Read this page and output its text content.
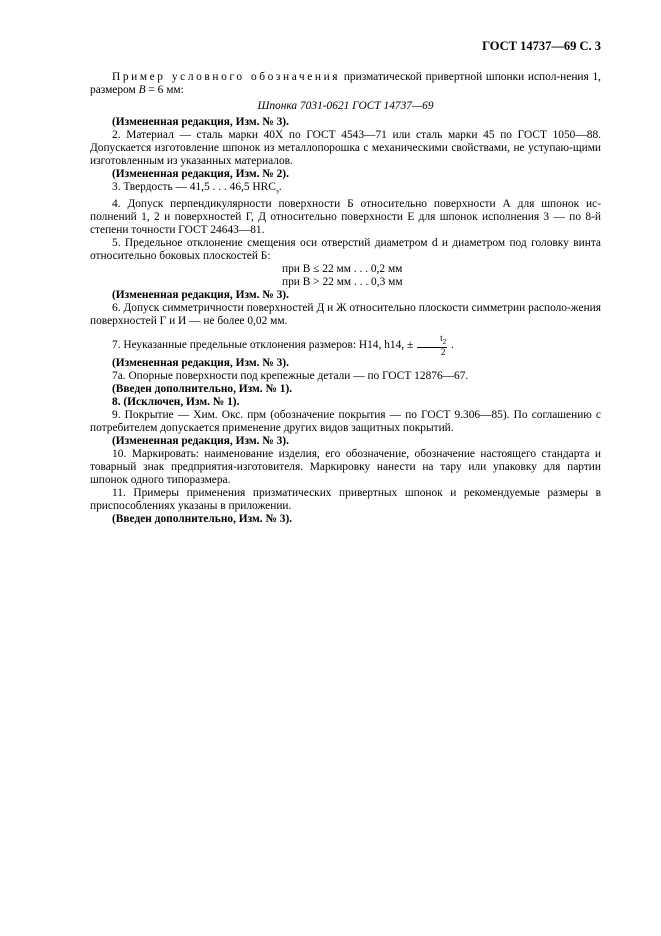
ГОСТ 14737—69 С. 3

Пример условного обозначения призматической привертной шпонки испол-нения 1, размером В = 6 мм:

Шпонка 7031-0621 ГОСТ 14737—69

(Измененная редакция, Изм. № 3).

2. Материал — сталь марки 40Х по ГОСТ 4543—71 или сталь марки 45 по ГОСТ 1050—88. Допускается изготовление шпонок из металлопорошка с механическими свойствами, не уступаю-щими изготовленным из указанных материалов.

(Измененная редакция, Изм. № 2).

3. Твердость — 41,5 . . . 46,5 $HRC_э$.

4. Допуск перпендикулярности поверхности Б относительно поверхности А для шпонок ис-полнений 1, 2 и поверхностей Г, Д относительно поверхности Е для шпонок исполнения 3 — по 8-й степени точности ГОСТ 24643—81.

5. Предельное отклонение смещения оси отверстий диаметром d и диаметром под головку винта относительно боковых плоскостей Б:

при В ≤ 22 мм . . . 0,2 мм

при В > 22 мм . . . 0,3 мм

(Измененная редакция, Изм. № 3).

6. Допуск симметричности поверхностей Д и Ж относительно плоскости симметрии располо-жения поверхностей Г и И — не более 0,02 мм.

7. Неуказанные предельные отклонения размеров: H14, h14, ± $\frac{t_2}{2}$ .

(Измененная редакция, Изм. № 3).

7а. Опорные поверхности под крепежные детали — по ГОСТ 12876—67.

(Введен дополнительно, Изм. № 1).

8. (Исключен, Изм. № 1).

9. Покрытие — Хим. Окс. прм (обозначение покрытия — по ГОСТ 9.306—85). По соглашению с потребителем допускается применение других видов защитных покрытий.

(Измененная редакция, Изм. № 3).

10. Маркировать: наименование изделия, его обозначение, обозначение настоящего стандарта и товарный знак предприятия-изготовителя. Маркировку нанести на тару или упаковку для партии шпонок одного типоразмера.

11. Примеры применения призматических привертных шпонок и рекомендуемые размеры в приспособлениях указаны в приложении.

(Введен дополнительно, Изм. № 3).
